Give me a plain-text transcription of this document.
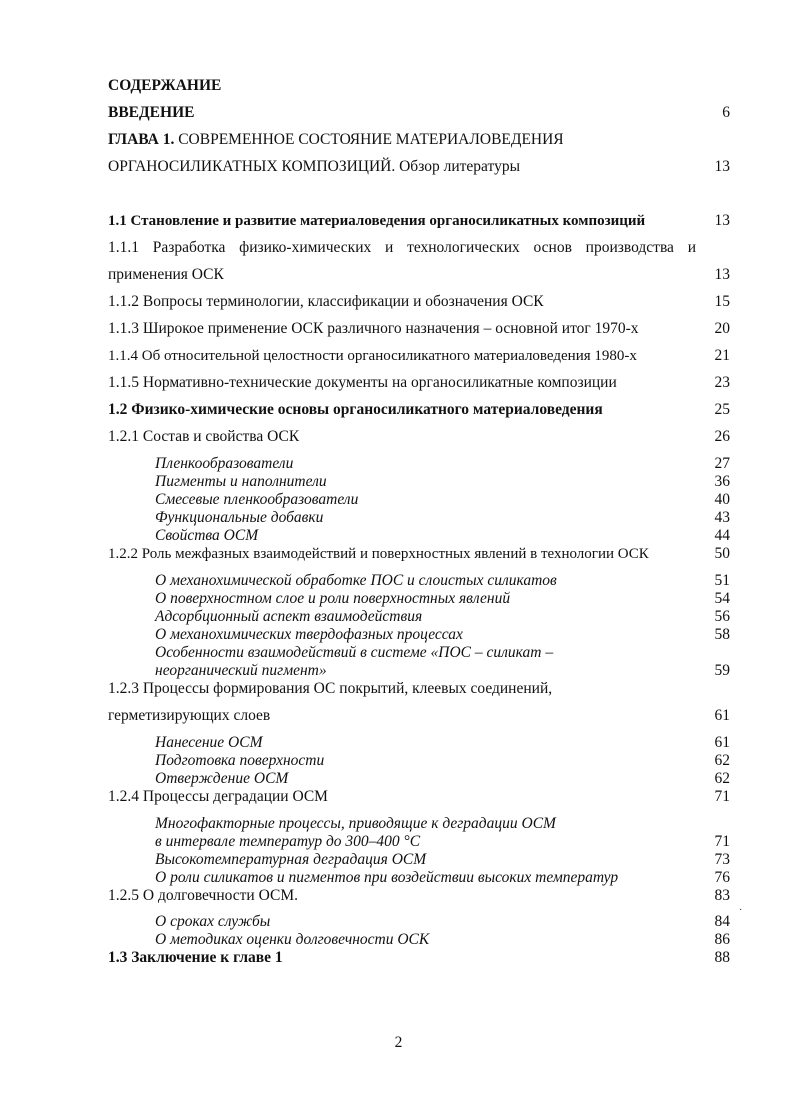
СОДЕРЖАНИЕ
ВВЕДЕНИЕ	6
ГЛАВА 1. СОВРЕМЕННОЕ СОСТОЯНИЕ МАТЕРИАЛОВЕДЕНИЯ
ОРГАНОСИЛИКАТНЫХ КОМПОЗИЦИЙ. Обзор литературы	13
1.1 Становление и развитие материаловедения органосиликатных композиций	13
1.1.1 Разработка физико-химических и технологических основ производства и
применения ОСК	13
1.1.2 Вопросы терминологии, классификации и обозначения ОСК	15
1.1.3 Широкое применение ОСК различного назначения – основной итог 1970-х	20
1.1.4 Об относительной целостности органосиликатного материаловедения 1980-х	21
1.1.5 Нормативно-технические документы на органосиликатные композиции	23
1.2 Физико-химические основы органосиликатного материаловедения	25
1.2.1 Состав и свойства ОСК	26
Пленкообразователи	27
Пигменты и наполнители	36
Смесевые пленкообразователи	40
Функциональные добавки	43
Свойства ОСМ	44
1.2.2 Роль межфазных взаимодействий и поверхностных явлений в технологии ОСК	50
О механохимической обработке ПОС и слоистых силикатов	51
О поверхностном слое и роли поверхностных явлений	54
Адсорбционный аспект взаимодействия	56
О механохимических твердофазных процессах	58
Особенности взаимодействий в системе «ПОС – силикат –
неорганический пигмент»	59
1.2.3 Процессы формирования ОС покрытий, клеевых соединений,
герметизирующих слоев	61
Нанесение ОСМ	61
Подготовка поверхности	62
Отверждение ОСМ	62
1.2.4 Процессы деградации ОСМ	71
Многофакторные процессы, приводящие к деградации ОСМ
в интервале температур до 300–400 °С	71
Высокотемпературная деградация ОСМ	73
О роли силикатов и пигментов при воздействии высоких температур	76
1.2.5 О долговечности ОСМ.	83
О сроках службы	84
О методиках оценки долговечности ОСК	86
1.3 Заключение к главе 1	88
·
2
